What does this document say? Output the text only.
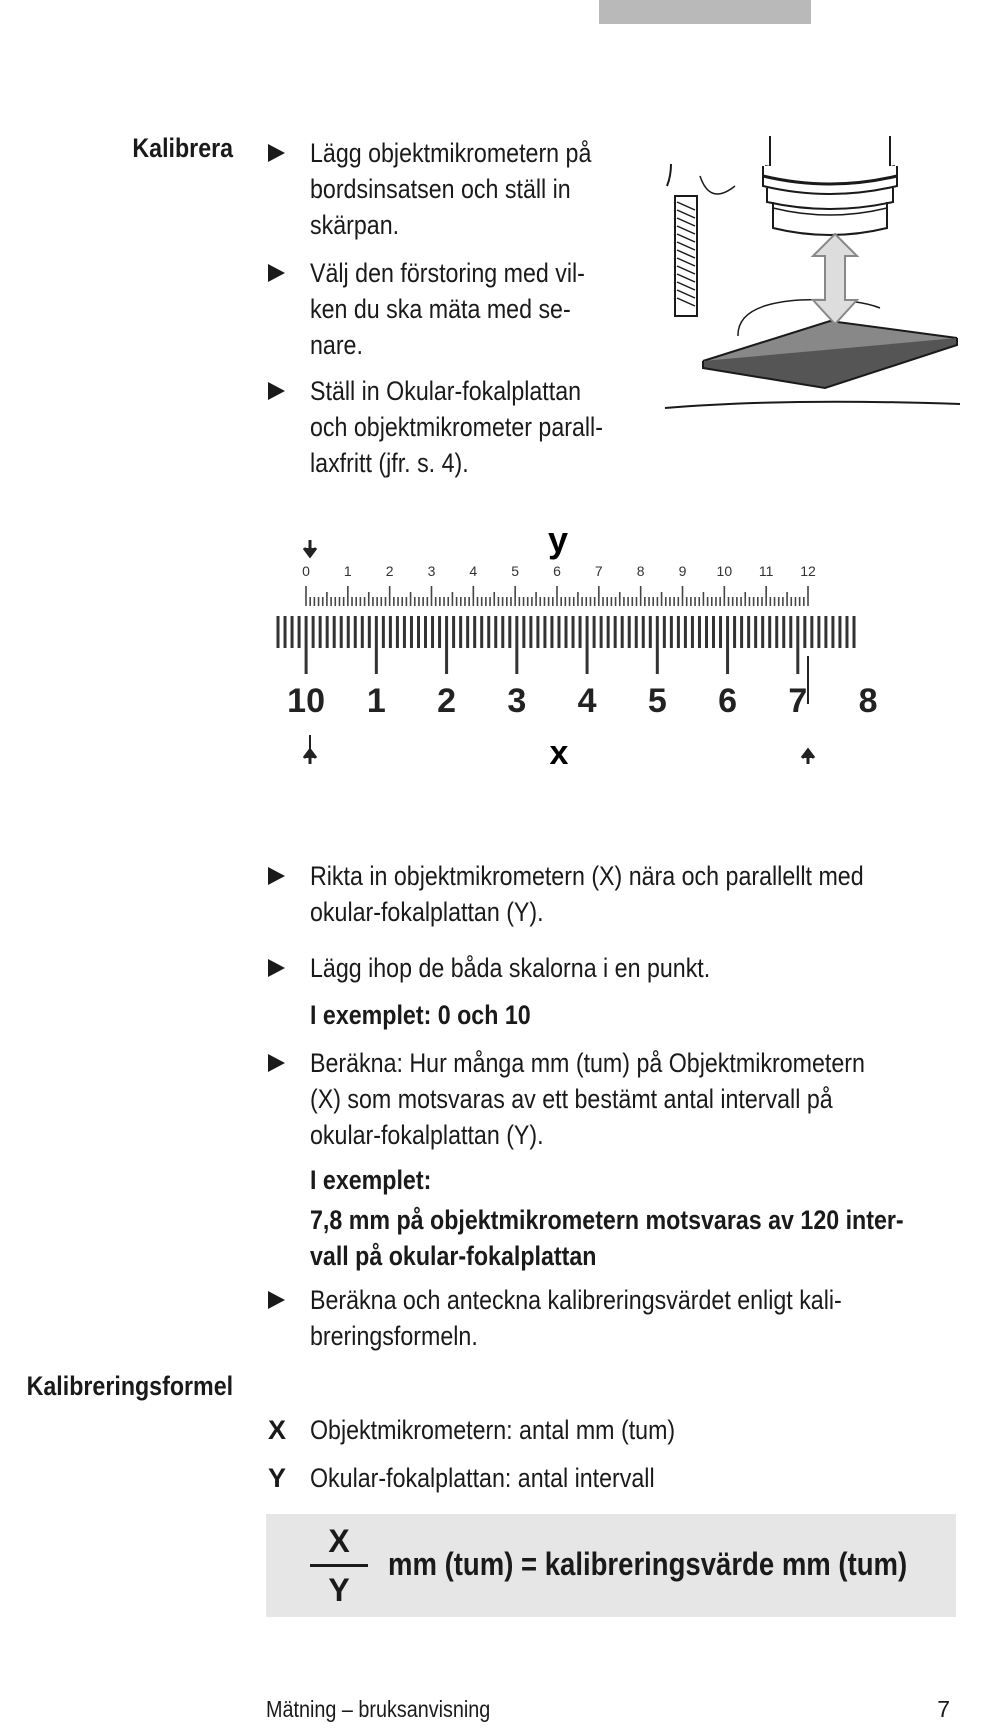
Kalibrera	Lägg objektmikrometern på
bordsinsatsen och ställ in
skärpan.
Välj den förstoring med vil-
ken du ska mäta med se-
nare.
Ställ in Okular-fokalplattan
och objektmikrometer parall-
laxfritt (jfr. s. 4).
0 1 2 3 4 5 6 7 8 9 10 11 12
10 1 2 3 4 5 6 7 8
y
x
Rikta in objektmikrometern (X) nära och parallellt med
okular-fokalplattan (Y).
Lägg ihop de båda skalorna i en punkt.
I exemplet: 0 och 10
Beräkna: Hur många mm (tum) på Objektmikrometern
(X) som motsvaras av ett bestämt antal intervall på
okular-fokalplattan (Y).
I exemplet:
7,8 mm på objektmikrometern motsvaras av 120 inter-
vall på okular-fokalplattan
Beräkna och anteckna kalibreringsvärdet enligt kali-
breringsformeln.
Kalibreringsformel
X Objektmikrometern: antal mm (tum)
Y Okular-fokalplattan: antal intervall
X
Y
mm (tum) = kalibreringsvärde mm (tum)
Mätning – bruksanvisning	7
